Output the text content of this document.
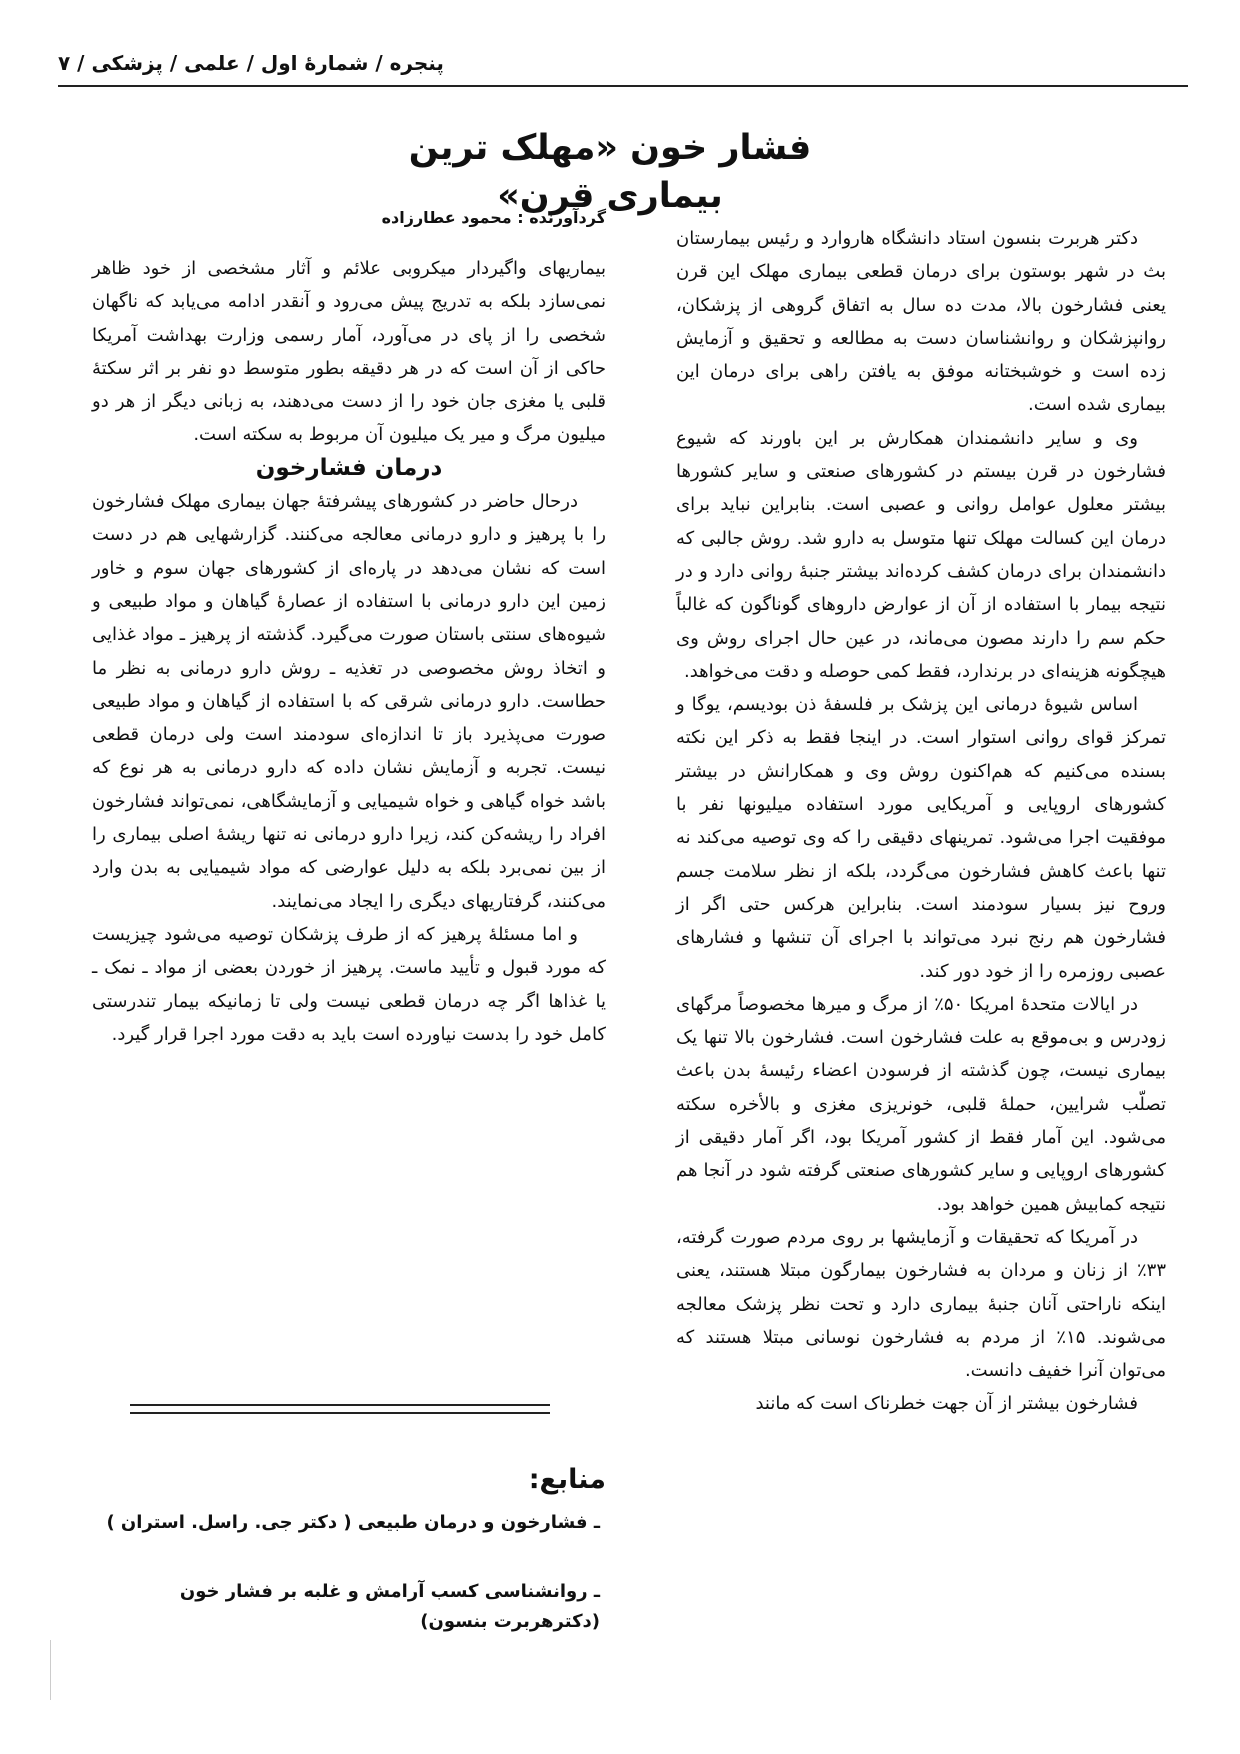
پنجره / شمارهٔ اول / علمی / پزشکی / ۷
فشار خون «مهلک ترین بیماری قرن»

دکتر هربرت بنسون استاد دانشگاه هاروارد و رئیس بیمارستان بث در شهر بوستون برای درمان قطعی بیماری مهلک این قرن یعنی فشارخون بالا، مدت ده سال به اتفاق گروهی از پزشکان، روانپزشکان و روانشناسان دست به مطالعه و تحقیق و آزمایش زده است و خوشبختانه موفق به یافتن راهی برای درمان این بیماری شده است.

وی و سایر دانشمندان همکارش بر این باورند که شیوع فشارخون در قرن بیستم در کشورهای صنعتی و سایر کشورها بیشتر معلول عوامل روانی و عصبی است. بنابراین نباید برای درمان این کسالت مهلک تنها متوسل به دارو شد. روش جالبی که دانشمندان برای درمان کشف کرده‌اند بیشتر جنبهٔ روانی دارد و در نتیجه بیمار با استفاده از آن از عوارض داروهای گوناگون که غالباً حکم سم را دارند مصون می‌ماند، در عین حال اجرای روش وی هیچگونه هزینه‌ای در برندارد، فقط کمی حوصله و دقت می‌خواهد.

اساس شیوهٔ درمانی این پزشک بر فلسفهٔ ذن بودیسم، یوگا و تمرکز قوای روانی استوار است. در اینجا فقط به ذکر این نکته بسنده می‌کنیم که هم‌اکنون روش وی و همکارانش در بیشتر کشورهای اروپایی و آمریکایی مورد استفاده میلیونها نفر با موفقیت اجرا می‌شود. تمرینهای دقیقی را که وی توصیه می‌کند نه تنها باعث کاهش فشارخون می‌گردد، بلکه از نظر سلامت جسم وروح نیز بسیار سودمند است. بنابراین هرکس حتی اگر از فشارخون هم رنج نبرد می‌تواند با اجرای آن تنشها و فشارهای عصبی روزمره را از خود دور کند.

در ایالات متحدهٔ امریکا ۵۰٪ از مرگ و میرها مخصوصاً مرگهای زودرس و بی‌موقع به علت فشارخون است. فشارخون بالا تنها یک بیماری نیست، چون گذشته از فرسودن اعضاء رئیسهٔ بدن باعث تصلّب شرایین، حملهٔ قلبی، خونریزی مغزی و بالأخره سکته می‌شود. این آمار فقط از کشور آمریکا بود، اگر آمار دقیقی از کشورهای اروپایی و سایر کشورهای صنعتی گرفته شود در آنجا هم نتیجه کمابیش همین خواهد بود.

در آمریکا که تحقیقات و آزمایشها بر روی مردم صورت گرفته، ۳۳٪ از زنان و مردان به فشارخون بیمارگون مبتلا هستند، یعنی اینکه ناراحتی آنان جنبهٔ بیماری دارد و تحت نظر پزشک معالجه می‌شوند. ۱۵٪ از مردم به فشارخون نوسانی مبتلا هستند که می‌توان آنرا خفیف دانست.

فشارخون بیشتر از آن جهت خطرناک است که مانند

گردآورنده : محمود عطارزاده

بیماریهای واگیردار میکروبی علائم و آثار مشخصی از خود ظاهر نمی‌سازد بلکه به تدریج پیش می‌رود و آنقدر ادامه می‌یابد که ناگهان شخصی را از پای در می‌آورد، آمار رسمی وزارت بهداشت آمریکا حاکی از آن است که در هر دقیقه بطور متوسط دو نفر بر اثر سکتهٔ قلبی یا مغزی جان خود را از دست می‌دهند، به زبانی دیگر از هر دو میلیون مرگ و میر یک میلیون آن مربوط به سکته است.

درمان فشارخون

درحال حاضر در کشورهای پیشرفتهٔ جهان بیماری مهلک فشارخون را با پرهیز و دارو درمانی معالجه می‌کنند. گزارشهایی هم در دست است که نشان می‌دهد در پاره‌ای از کشورهای جهان سوم و خاور زمین این دارو درمانی با استفاده از عصارهٔ گیاهان و مواد طبیعی و شیوه‌های سنتی باستان صورت می‌گیرد. گذشته از پرهیز ـ مواد غذایی و اتخاذ روش مخصوصی در تغذیه ـ روش دارو درمانی به نظر ما حطاست. دارو درمانی شرقی که با استفاده از گیاهان و مواد طبیعی صورت می‌پذیرد باز تا اندازه‌ای سودمند است ولی درمان قطعی نیست. تجربه و آزمایش نشان داده که دارو درمانی به هر نوع که باشد خواه گیاهی و خواه شیمیایی و آزمایشگاهی، نمی‌تواند فشارخون افراد را ریشه‌کن کند، زیرا دارو درمانی نه تنها ریشهٔ اصلی بیماری را از بین نمی‌برد بلکه به دلیل عوارضی که مواد شیمیایی به بدن وارد می‌کنند، گرفتاریهای دیگری را ایجاد می‌نمایند.

و اما مسئلهٔ پرهیز که از طرف پزشکان توصیه می‌شود چیزیست که مورد قبول و تأیید ماست. پرهیز از خوردن بعضی از مواد ـ نمک ـ یا غذاها اگر چه درمان قطعی نیست ولی تا زمانیکه بیمار تندرستی کامل خود را بدست نیاورده است باید به دقت مورد اجرا قرار گیرد.

منابع:
ـ فشارخون و درمان طبیعی ( دکتر جی. راسل. استران )
ـ روانشناسی کسب آرامش و غلبه بر فشار خون
(دکترهربرت بنسون)
